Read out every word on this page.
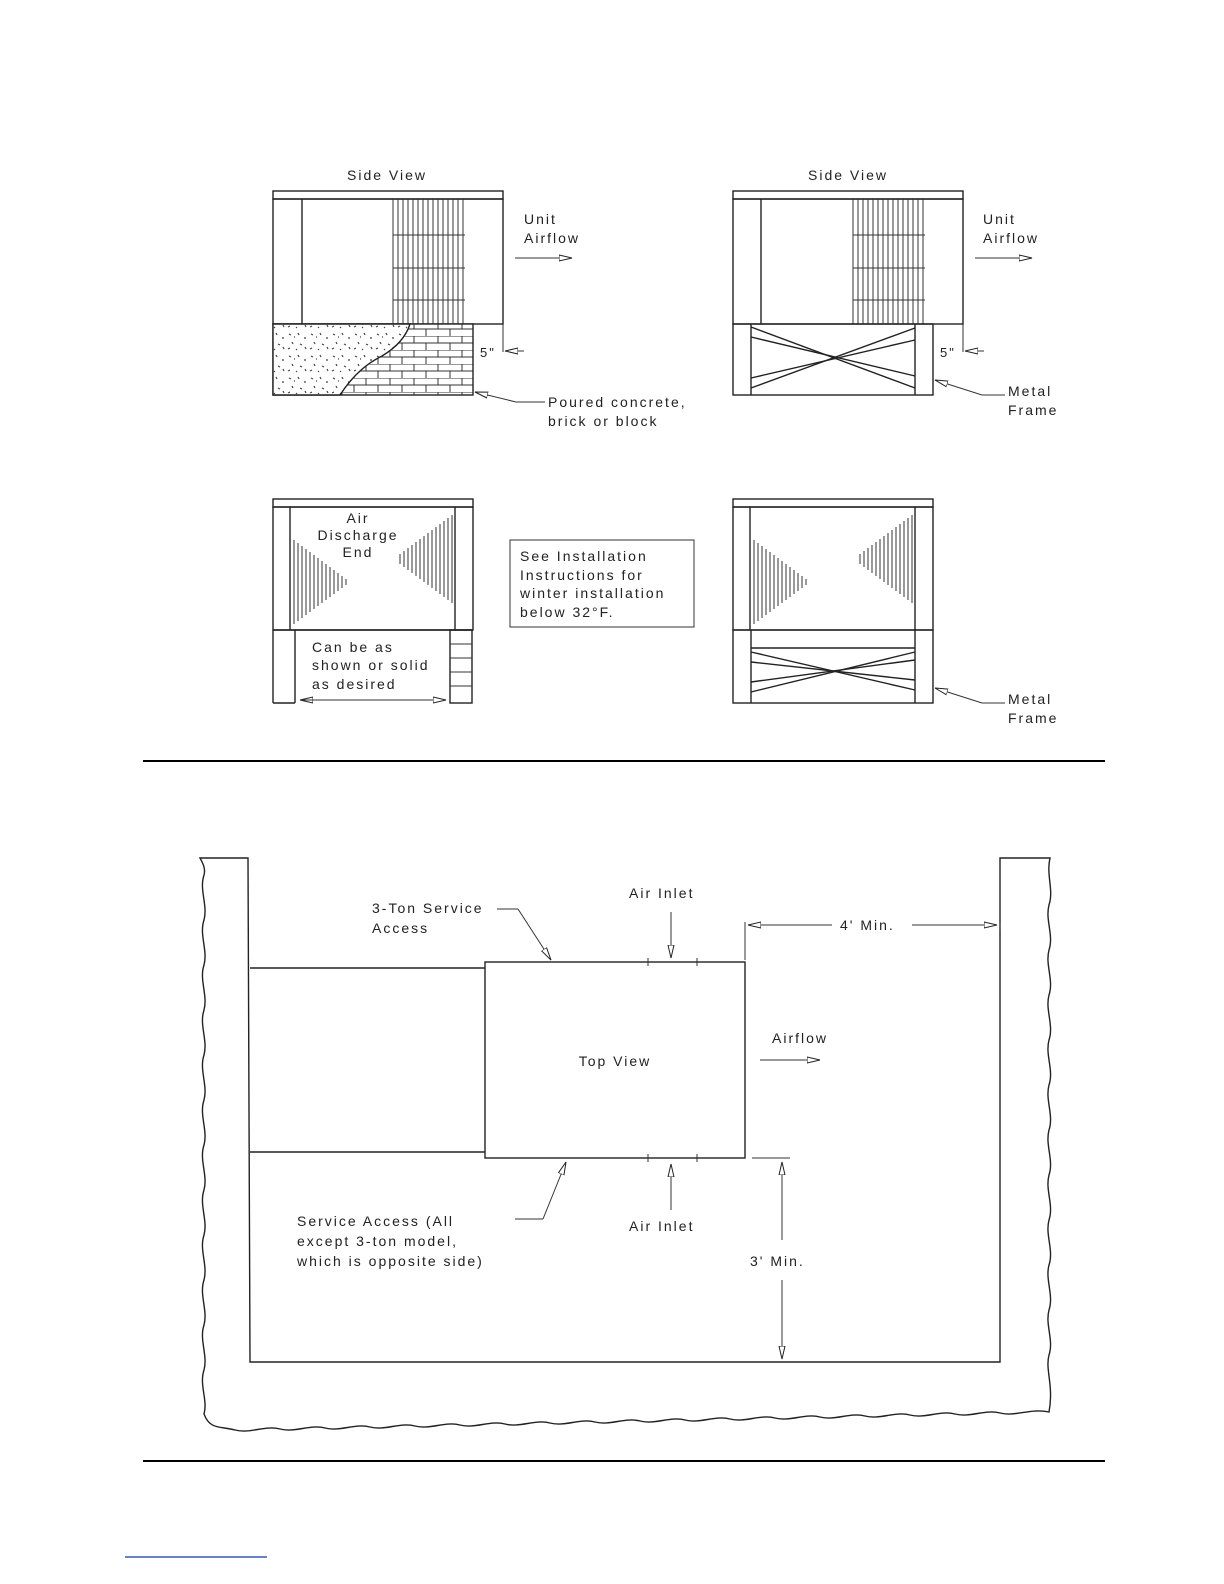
Side View
5"
Unit
Airflow
Poured concrete,
brick or block
Side View
5"
Unit
Airflow
Metal
Frame
Air
Discharge
End
Can be as
shown or solid
as desired
See Installation
Instructions for
winter installation
below 32°F.
Metal
Frame
Top View
Air Inlet
3-Ton Service
Access	4' Min.
Airflow
Air Inlet
Service Access (All
except 3-ton model,
which is opposite side)	3' Min.
